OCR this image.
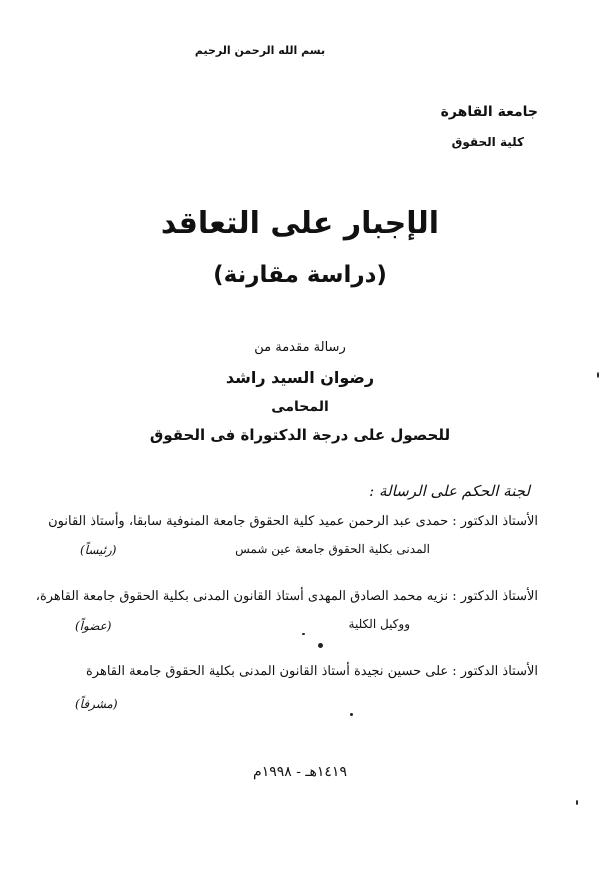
بسم الله الرحمن الرحيم
جامعة القاهرة
كلية الحقوق
الإجبار على التعاقد
(دراسة مقارنة)
رسالة مقدمة من
رضوان السيد راشد
المحامى
للحصول على درجة الدكتوراة فى الحقوق
لجنة الحكم على الرسالة :
الأستاذ الدكتور : حمدى عبد الرحمن عميد كلية الحقوق جامعة المنوفية سابقا، وأستاذ القانون
المدنى بكلية الحقوق جامعة عين شمس
(رئيساً)
الأستاذ الدكتور : نزيه محمد الصادق المهدى أستاذ القانون المدنى بكلية الحقوق جامعة القاهرة،
ووكيل الكلية
(عضواً)
الأستاذ الدكتور : على حسين نجيدة أستاذ القانون المدنى بكلية الحقوق جامعة القاهرة
(مشرفاً)
١٤١٩هـ - ١٩٩٨م
